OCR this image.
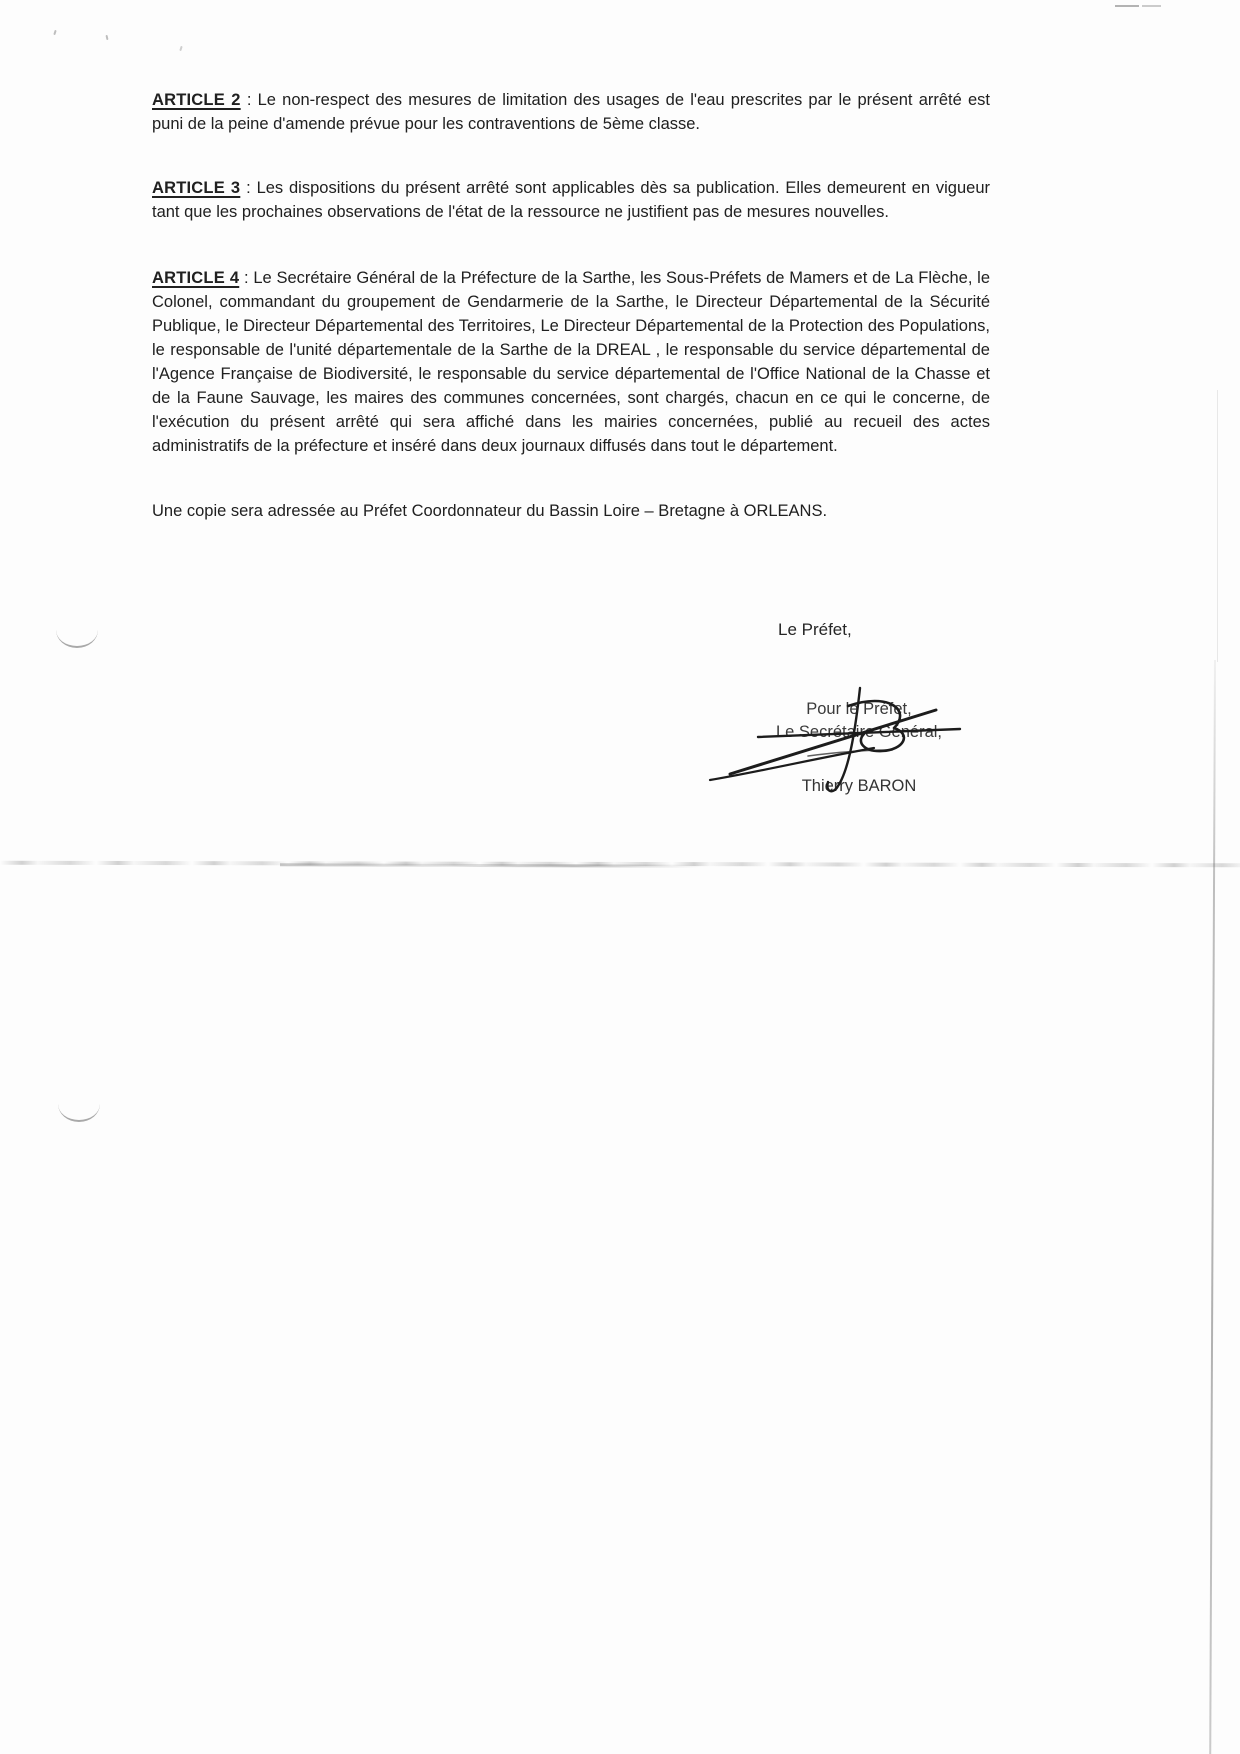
ARTICLE 2 : Le non-respect des mesures de limitation des usages de l'eau prescrites par le présent arrêté est puni de la peine d'amende prévue pour les contraventions de 5ème classe.

ARTICLE 3 : Les dispositions du présent arrêté sont applicables dès sa publication. Elles demeurent en vigueur tant que les prochaines observations de l'état de la ressource ne justifient pas de mesures nouvelles.

ARTICLE 4 : Le Secrétaire Général de la Préfecture de la Sarthe, les Sous-Préfets de Mamers et de La Flèche, le Colonel, commandant du groupement de Gendarmerie de la Sarthe, le Directeur Départemental de la Sécurité Publique, le Directeur Départemental des Territoires, Le Directeur Départemental de la Protection des Populations, le responsable de l'unité départementale de la Sarthe de la DREAL , le responsable du service départemental de l'Agence Française de Biodiversité, le responsable du service départemental de l'Office National de la Chasse et de la Faune Sauvage, les maires des communes concernées, sont chargés, chacun en ce qui le concerne, de l'exécution du présent arrêté qui sera affiché dans les mairies concernées, publié au recueil des actes administratifs de la préfecture et inséré dans deux journaux diffusés dans tout le département.

Une copie sera adressée au Préfet Coordonnateur du Bassin Loire – Bretagne à ORLEANS.

Le Préfet,
Pour le Préfet,
Le Secrétaire Général,
Thierry BARON
